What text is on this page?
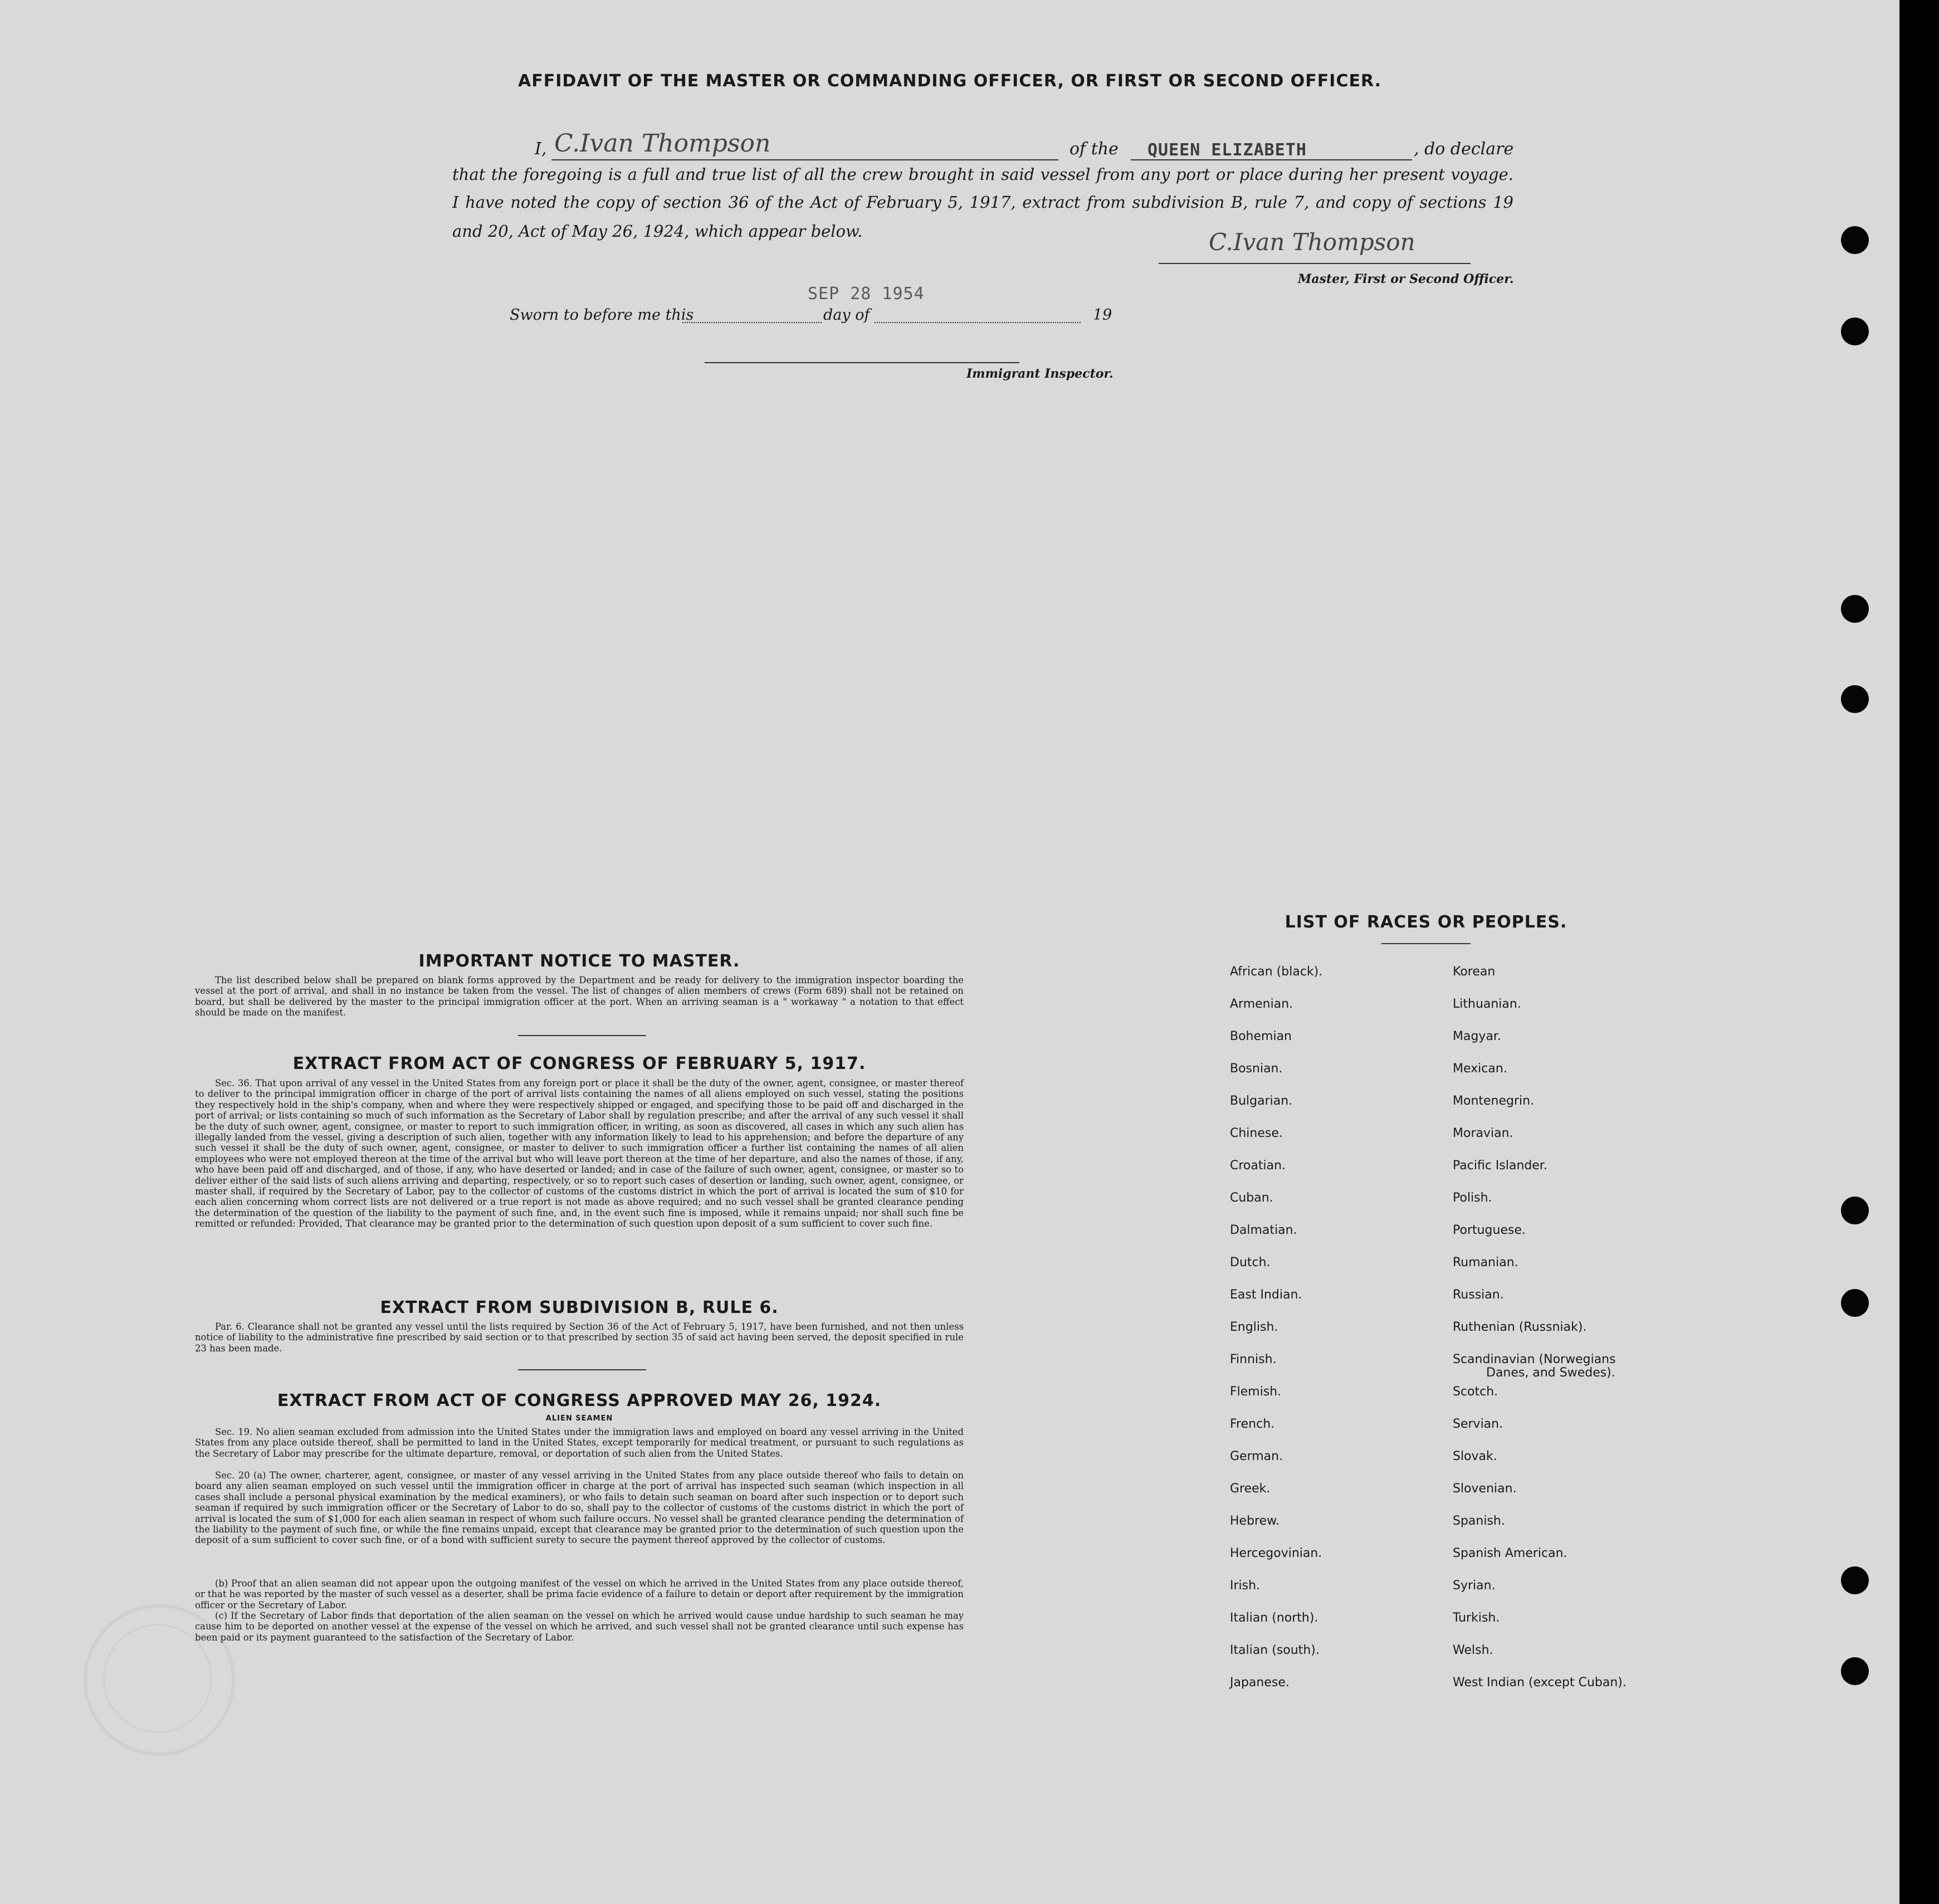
AFFIDAVIT OF THE MASTER OR COMMANDING OFFICER, OR FIRST OR SECOND OFFICER.
I, C.Ivan Thompson	of the QUEEN ELIZABETH	, do declare
that the foregoing is a full and true list of all the crew brought in said vessel from any port or place during her present voyage.
I have noted the copy of section 36 of the Act of February 5, 1917, extract from subdivision B, rule 7, and copy of sections 19
and 20, Act of May 26, 1924, which appear below.	C.Ivan Thompson
Master, First or Second Officer.
SEP 28 1954
Sworn to before me this	day of	19
Immigrant Inspector.
IMPORTANT NOTICE TO MASTER.
The list described below shall be prepared on blank forms approved by the Department and be ready for delivery to the immigration inspector boarding the vessel at the port of arrival, and shall in no instance be taken from the vessel. The list of changes of alien members of crews (Form 689) shall not be retained on board, but shall be delivered by the master to the principal immigration officer at the port. When an arriving seaman is a " workaway " a notation to that effect should be made on the manifest.
EXTRACT FROM ACT OF CONGRESS OF FEBRUARY 5, 1917.
Sec. 36. That upon arrival of any vessel in the United States from any foreign port or place it shall be the duty of the owner, agent, consignee, or master thereof to deliver to the principal immigration officer in charge of the port of arrival lists containing the names of all aliens employed on such vessel, stating the positions they respectively hold in the ship's company, when and where they were respectively shipped or engaged, and specifying those to be paid off and discharged in the port of arrival; or lists containing so much of such information as the Secretary of Labor shall by regulation prescribe; and after the arrival of any such vessel it shall be the duty of such owner, agent, consignee, or master to report to such immigration officer, in writing, as soon as discovered, all cases in which any such alien has illegally landed from the vessel, giving a description of such alien, together with any information likely to lead to his apprehension; and before the departure of any such vessel it shall be the duty of such owner, agent, consignee, or master to deliver to such immigration officer a further list containing the names of all alien employees who were not employed thereon at the time of the arrival but who will leave port thereon at the time of her departure, and also the names of those, if any, who have been paid off and discharged, and of those, if any, who have deserted or landed; and in case of the failure of such owner, agent, consignee, or master so to deliver either of the said lists of such aliens arriving and departing, respectively, or so to report such cases of desertion or landing, such owner, agent, consignee, or master shall, if required by the Secretary of Labor, pay to the collector of customs of the customs district in which the port of arrival is located the sum of $10 for each alien concerning whom correct lists are not delivered or a true report is not made as above required; and no such vessel shall be granted clearance pending the determination of the question of the liability to the payment of such fine, and, in the event such fine is imposed, while it remains unpaid; nor shall such fine be remitted or refunded: Provided, That clearance may be granted prior to the determination of such question upon deposit of a sum sufficient to cover such fine.
EXTRACT FROM SUBDIVISION B, RULE 6.
Par. 6. Clearance shall not be granted any vessel until the lists required by Section 36 of the Act of February 5, 1917, have been furnished, and not then unless notice of liability to the administrative fine prescribed by said section or to that prescribed by section 35 of said act having been served, the deposit specified in rule 23 has been made.
EXTRACT FROM ACT OF CONGRESS APPROVED MAY 26, 1924.
ALIEN SEAMEN
Sec. 19. No alien seaman excluded from admission into the United States under the immigration laws and employed on board any vessel arriving in the United States from any place outside thereof, shall be permitted to land in the United States, except temporarily for medical treatment, or pursuant to such regulations as the Secretary of Labor may prescribe for the ultimate departure, removal, or deportation of such alien from the United States.
Sec. 20 (a) The owner, charterer, agent, consignee, or master of any vessel arriving in the United States from any place outside thereof who fails to detain on board any alien seaman employed on such vessel until the immigration officer in charge at the port of arrival has inspected such seaman (which inspection in all cases shall include a personal physical examination by the medical examiners), or who fails to detain such seaman on board after such inspection or to deport such seaman if required by such immigration officer or the Secretary of Labor to do so, shall pay to the collector of customs of the customs district in which the port of arrival is located the sum of $1,000 for each alien seaman in respect of whom such failure occurs. No vessel shall be granted clearance pending the determination of the liability to the payment of such fine, or while the fine remains unpaid, except that clearance may be granted prior to the determination of such question upon the deposit of a sum sufficient to cover such fine, or of a bond with sufficient surety to secure the payment thereof approved by the collector of customs.
(b) Proof that an alien seaman did not appear upon the outgoing manifest of the vessel on which he arrived in the United States from any place outside thereof, or that he was reported by the master of such vessel as a deserter, shall be prima facie evidence of a failure to detain or deport after requirement by the immigration officer or the Secretary of Labor.
(c) If the Secretary of Labor finds that deportation of the alien seaman on the vessel on which he arrived would cause undue hardship to such seaman he may cause him to be deported on another vessel at the expense of the vessel on which he arrived, and such vessel shall not be granted clearance until such expense has been paid or its payment guaranteed to the satisfaction of the Secretary of Labor.
LIST OF RACES OR PEOPLES.
African (black).
Armenian.
Bohemian
Bosnian.
Bulgarian.
Chinese.
Croatian.
Cuban.
Dalmatian.
Dutch.
East Indian.
English.
Finnish.
Flemish.
French.
German.
Greek.
Hebrew.
Hercegovinian.
Irish.
Italian (north).
Italian (south).
Japanese.
Korean
Lithuanian.
Magyar.
Mexican.
Montenegrin.
Moravian.
Pacific Islander.
Polish.
Portuguese.
Rumanian.
Russian.
Ruthenian (Russniak).
Scandinavian (Norwegians
Danes, and Swedes).
Scotch.
Servian.
Slovak.
Slovenian.
Spanish.
Spanish American.
Syrian.
Turkish.
Welsh.
West Indian (except Cuban).
